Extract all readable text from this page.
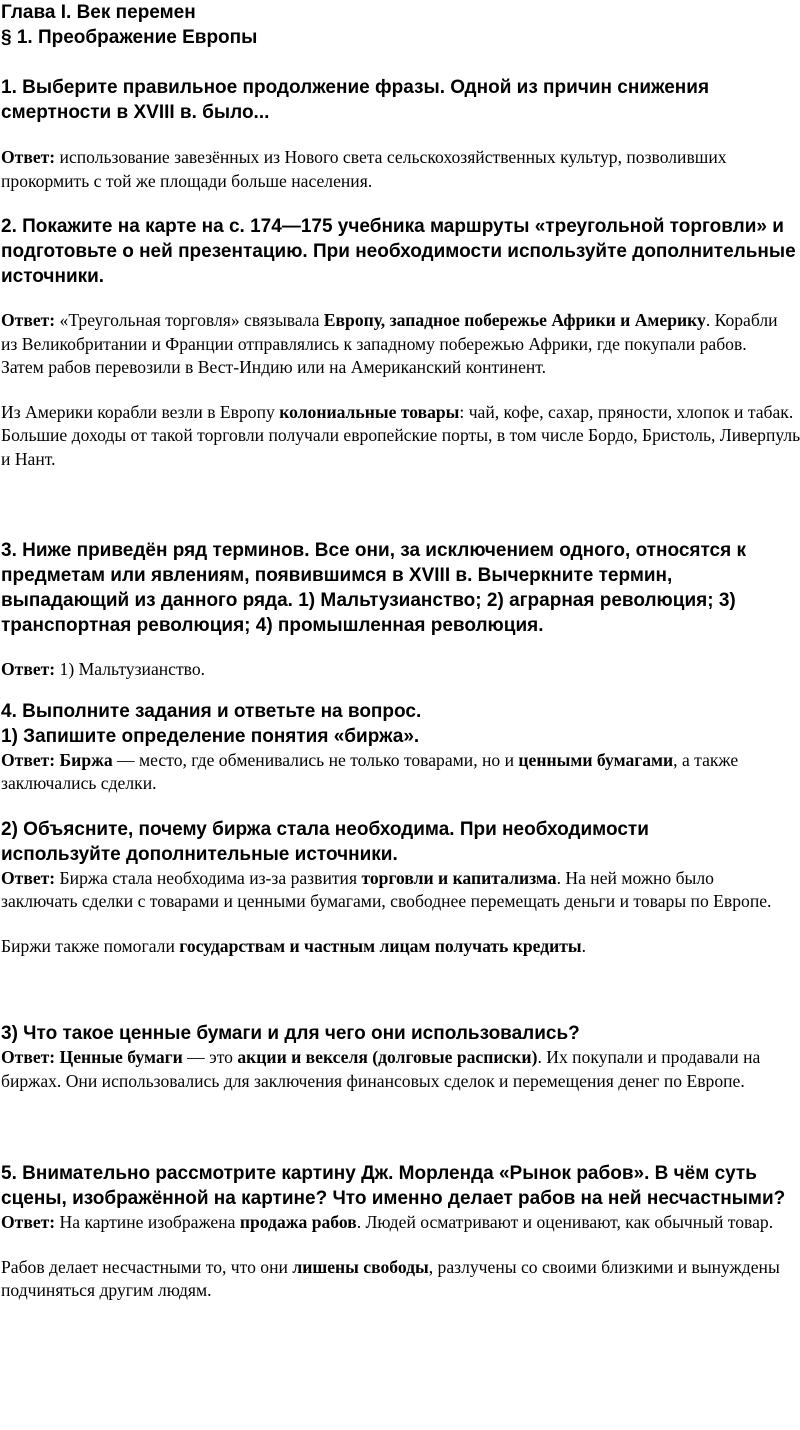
Глава I. Век перемен

§ 1. Преображение Европы

1. Выберите правильное продолжение фразы. Одной из причин снижения смертности в XVIII в. было...

Ответ: использование завезённых из Нового света сельскохозяйственных культур, позволивших прокормить с той же площади больше населения.

2. Покажите на карте на с. 174—175 учебника маршруты «треугольной торговли» и подготовьте о ней презентацию. При необходимости используйте дополнительные источники.

Ответ: «Треугольная торговля» связывала Европу, западное побережье Африки и Америку. Корабли из Великобритании и Франции отправлялись к западному побережью Африки, где покупали рабов. Затем рабов перевозили в Вест-Индию или на Американский континент.

Из Америки корабли везли в Европу колониальные товары: чай, кофе, сахар, пряности, хлопок и табак. Большие доходы от такой торговли получали европейские порты, в том числе Бордо, Бристоль, Ливерпуль и Нант.

3. Ниже приведён ряд терминов. Все они, за исключением одного, относятся к предметам или явлениям, появившимся в XVIII в. Вычеркните термин, выпадающий из данного ряда. 1) Мальтузианство; 2) аграрная революция; 3) транспортная революция; 4) промышленная революция.

Ответ: 1) Мальтузианство.

4. Выполните задания и ответьте на вопрос.

1) Запишите определение понятия «биржа».

Ответ: Биржа — место, где обменивались не только товарами, но и ценными бумагами, а также заключались сделки.

2) Объясните, почему биржа стала необходима. При необходимости используйте дополнительные источники.

Ответ: Биржа стала необходима из-за развития торговли и капитализма. На ней можно было заключать сделки с товарами и ценными бумагами, свободнее перемещать деньги и товары по Европе.

Биржи также помогали государствам и частным лицам получать кредиты.

3) Что такое ценные бумаги и для чего они использовались?

Ответ: Ценные бумаги — это акции и векселя (долговые расписки). Их покупали и продавали на биржах. Они использовались для заключения финансовых сделок и перемещения денег по Европе.

5. Внимательно рассмотрите картину Дж. Морленда «Рынок рабов». В чём суть сцены, изображённой на картине? Что именно делает рабов на ней несчастными?

Ответ: На картине изображена продажа рабов. Людей осматривают и оценивают, как обычный товар.

Рабов делает несчастными то, что они лишены свободы, разлучены со своими близкими и вынуждены подчиняться другим людям.
